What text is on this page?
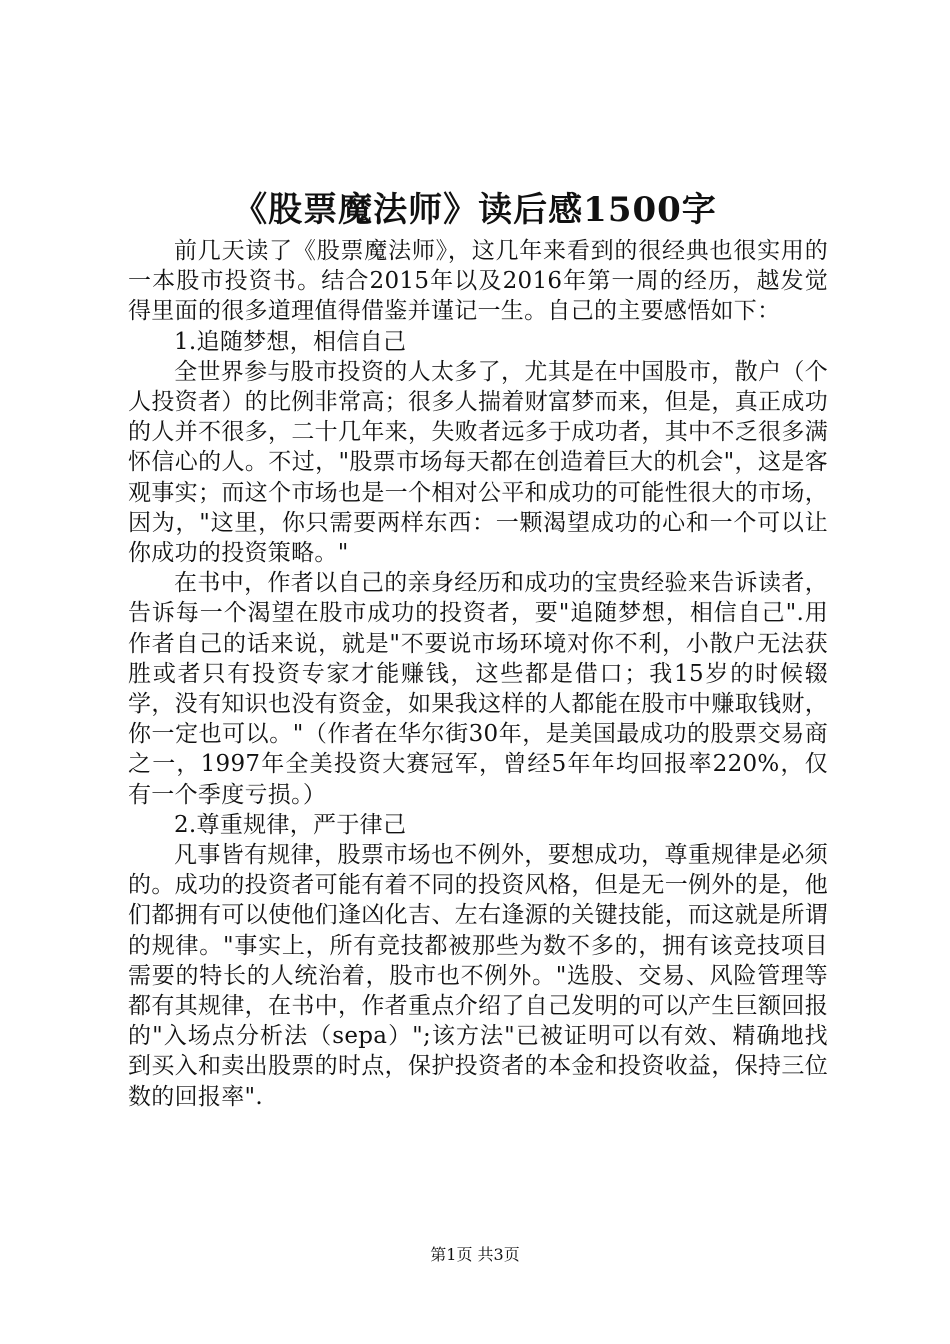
《股票魔法师》读后感1500字

前几天读了《股票魔法师》，这几年来看到的很经典也很实用的一本股市投资书。结合2015年以及2016年第一周的经历，越发觉得里面的很多道理值得借鉴并谨记一生。自己的主要感悟如下：

1.追随梦想，相信自己

全世界参与股市投资的人太多了，尤其是在中国股市，散户（个人投资者）的比例非常高；很多人揣着财富梦而来，但是，真正成功的人并不很多，二十几年来，失败者远多于成功者，其中不乏很多满怀信心的人。不过，"股票市场每天都在创造着巨大的机会"，这是客观事实；而这个市场也是一个相对公平和成功的可能性很大的市场，因为，"这里，你只需要两样东西：一颗渴望成功的心和一个可以让你成功的投资策略。"

在书中，作者以自己的亲身经历和成功的宝贵经验来告诉读者，告诉每一个渴望在股市成功的投资者，要"追随梦想，相信自己".用作者自己的话来说，就是"不要说市场环境对你不利，小散户无法获胜或者只有投资专家才能赚钱，这些都是借口；我15岁的时候辍学，没有知识也没有资金，如果我这样的人都能在股市中赚取钱财，你一定也可以。"（作者在华尔街30年，是美国最成功的股票交易商之一，1997年全美投资大赛冠军，曾经5年年均回报率220%，仅有一个季度亏损。）

2.尊重规律，严于律己

凡事皆有规律，股票市场也不例外，要想成功，尊重规律是必须的。成功的投资者可能有着不同的投资风格，但是无一例外的是，他们都拥有可以使他们逢凶化吉、左右逢源的关键技能，而这就是所谓的规律。"事实上，所有竞技都被那些为数不多的，拥有该竞技项目需要的特长的人统治着，股市也不例外。"选股、交易、风险管理等都有其规律，在书中，作者重点介绍了自己发明的可以产生巨额回报的"入场点分析法（sepa）";该方法"已被证明可以有效、精确地找到买入和卖出股票的时点，保护投资者的本金和投资收益，保持三位数的回报率".

第1页 共3页
